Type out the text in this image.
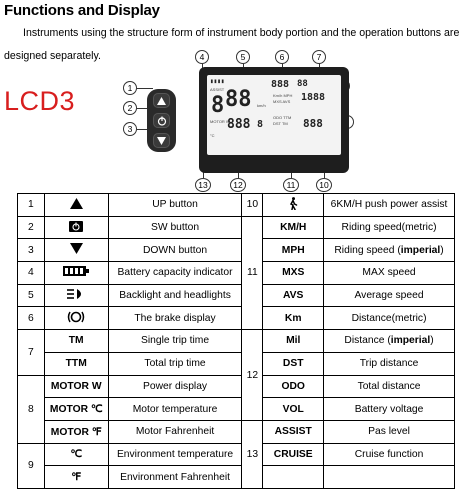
Functions and Display
Instruments using the structure form of instrument body portion and the operation buttons are designed separately.
LCD3	1
2
3
4	5	6	7
13	12	11	10
▮▮▮▮
ASSIST
8 88 km/h
888 88
1888
Km/h MPH
MXS AVS
MOTOR W
888 8
°C
ODO TTM
DST TM 888
1		UP button	10		6KM/H push power assist
2		SW button	11	KM/H	Riding speed(metric)
3		DOWN button		MPH	Riding speed (imperial)
4		Battery capacity indicator		MXS	MAX speed
5		Backlight and headlights		AVS	Average speed
6		The brake display		Km	Distance(metric)
7	TM	Single trip time	12	Mil	Distance (imperial)
	TTM	Total trip time		DST	Trip distance
8	MOTOR W	Power display		ODO	Total distance
	MOTOR ℃	Motor temperature		VOL	Battery voltage
	MOTOR ℉	Motor Fahrenheit	13	ASSIST	Pas level
9	℃	Environment temperature		CRUISE	Cruise function
	℉	Environment Fahrenheit			
